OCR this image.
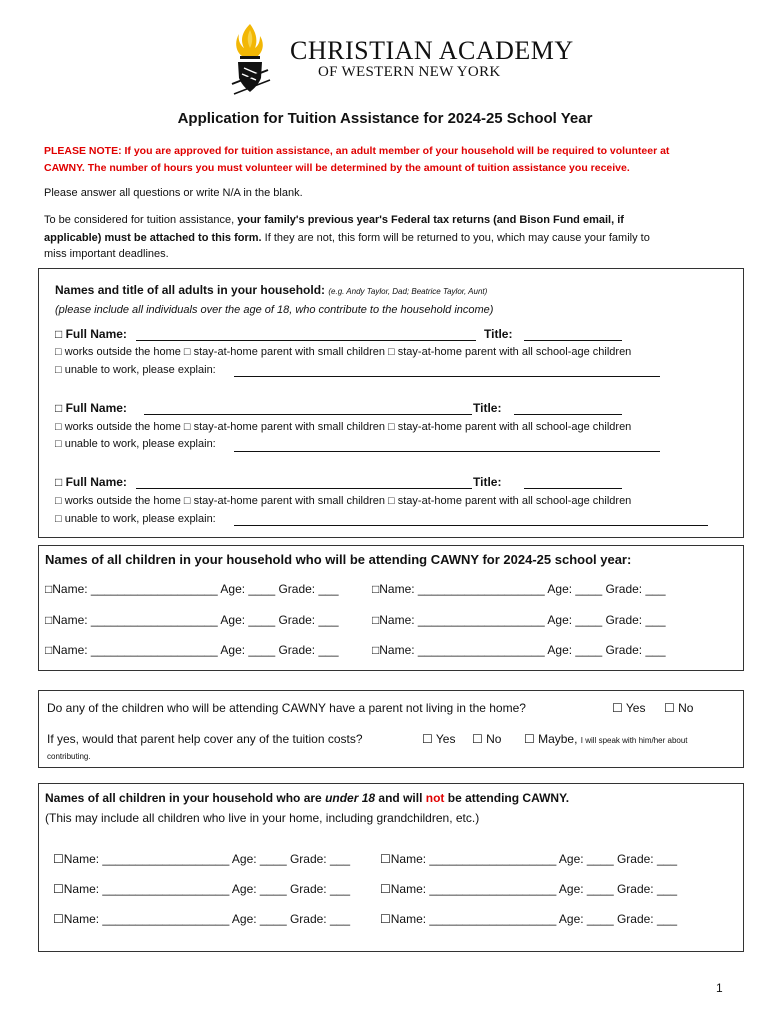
CHRISTIAN ACADEMY
OF WESTERN NEW YORK
Application for Tuition Assistance for 2024-25 School Year
PLEASE NOTE: If you are approved for tuition assistance, an adult member of your household will be required to volunteer at
CAWNY. The number of hours you must volunteer will be determined by the amount of tuition assistance you receive.
Please answer all questions or write N/A in the blank.
To be considered for tuition assistance, your family's previous year's Federal tax returns (and Bison Fund email, if
applicable) must be attached to this form. If they are not, this form will be returned to you, which may cause your family to
miss important deadlines.
Names and title of all adults in your household: (e.g. Andy Taylor, Dad; Beatrice Taylor, Aunt)
(please include all individuals over the age of 18, who contribute to the household income)
□ Full Name:	Title:
□ works outside the home □ stay-at-home parent with small children □ stay-at-home parent with all school-age children
□ unable to work, please explain:
□ Full Name:	Title:
□ works outside the home □ stay-at-home parent with small children □ stay-at-home parent with all school-age children
□ unable to work, please explain:
□ Full Name:	Title:
□ works outside the home □ stay-at-home parent with small children □ stay-at-home parent with all school-age children
□ unable to work, please explain:
Names of all children in your household who will be attending CAWNY for 2024-25 school year:
□Name: ___________________ Age: ____ Grade: ___	□Name: ___________________ Age: ____ Grade: ___
□Name: ___________________ Age: ____ Grade: ___	□Name: ___________________ Age: ____ Grade: ___
□Name: ___________________ Age: ____ Grade: ___	□Name: ___________________ Age: ____ Grade: ___
Do any of the children who will be attending CAWNY have a parent not living in the home?	☐ Yes ☐ No
If yes, would that parent help cover any of the tuition costs?	☐ Yes ☐ No ☐ Maybe, I will speak with him/her about
contributing.
Names of all children in your household who are under 18 and will not be attending CAWNY.
(This may include all children who live in your home, including grandchildren, etc.)
☐Name: ___________________ Age: ____ Grade: ___	☐Name: ___________________ Age: ____ Grade: ___
☐Name: ___________________ Age: ____ Grade: ___	☐Name: ___________________ Age: ____ Grade: ___
☐Name: ___________________ Age: ____ Grade: ___	☐Name: ___________________ Age: ____ Grade: ___
1
